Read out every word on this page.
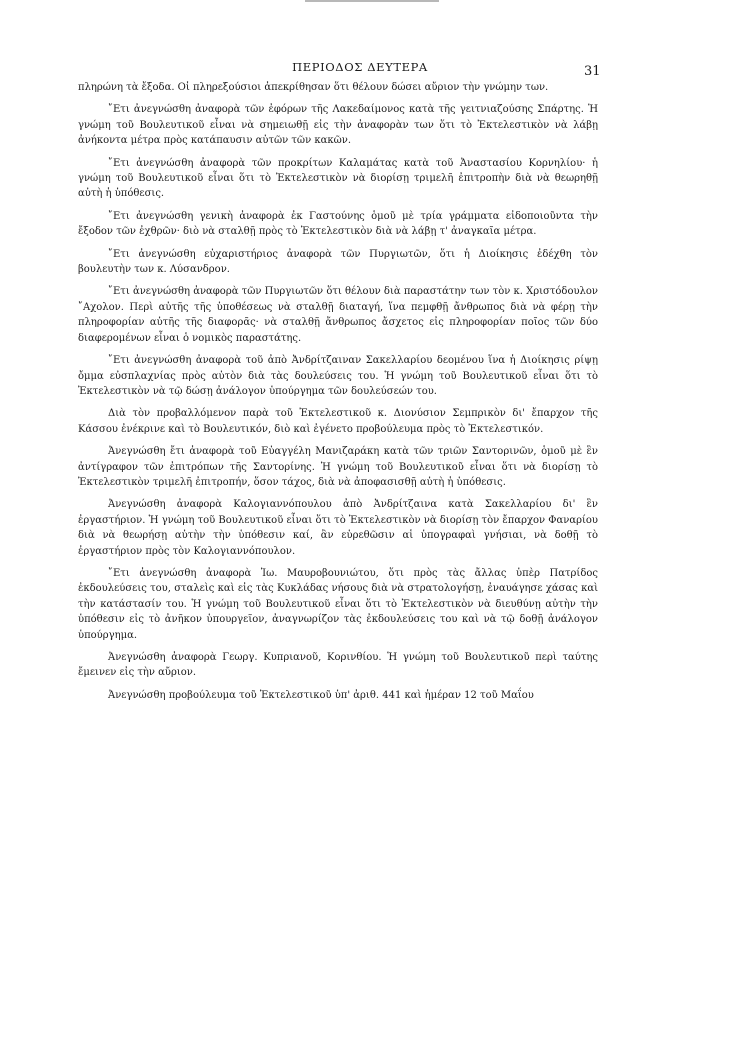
ΠΕΡΙΟΔΟΣ ΔΕΥΤΕΡΑ	31

πληρώνη τὰ ἔξοδα. Οἱ πληρεξούσιοι ἀπεκρίθησαν ὅτι θέλουν δώσει αὔριον τὴν γνώμην των.

῎Ετι ἀνεγνώσθη ἀναφορὰ τῶν ἐφόρων τῆς Λακεδαίμονος κατὰ τῆς γειτνιαζούσης Σπάρτης. Ἡ γνώμη τοῦ Βουλευτικοῦ εἶναι νὰ σημειωθῇ εἰς τὴν ἀναφορὰν των ὅτι τὸ Ἐκτελεστικὸν νὰ λάβῃ ἀνήκοντα μέτρα πρὸς κατάπαυσιν αὐτῶν τῶν κακῶν.

῎Ετι ἀνεγνώσθη ἀναφορὰ τῶν προκρίτων Καλαμάτας κατὰ τοῦ Ἀναστασίου Κορνηλίου· ἡ γνώμη τοῦ Βουλευτικοῦ εἶναι ὅτι τὸ Ἐκτελεστικὸν νὰ διορίσῃ τριμελῆ ἐπιτροπὴν διὰ νὰ θεωρηθῇ αὐτὴ ἡ ὑπόθεσις.

῎Ετι ἀνεγνώσθη γενικὴ ἀναφορὰ ἐκ Γαστούνης ὁμοῦ μὲ τρία γράμματα εἰδοποιοῦντα τὴν ἔξοδον τῶν ἐχθρῶν· διὸ νὰ σταλθῇ πρὸς τὸ Ἐκτελεστικὸν διὰ νὰ λάβῃ τ' ἀναγκαῖα μέτρα.

῎Ετι ἀνεγνώσθη εὐχαριστήριος ἀναφορὰ τῶν Πυργιωτῶν, ὅτι ἡ Διοίκησις ἐδέχθη τὸν βουλευτὴν των κ. Λύσανδρον.

῎Ετι ἀνεγνώσθη ἀναφορὰ τῶν Πυργιωτῶν ὅτι θέλουν διὰ παραστάτην των τὸν κ. Χριστόδουλον ῎Αχολον. Περὶ αὐτῆς τῆς ὑποθέσεως νὰ σταλθῇ διαταγή, ἵνα πεμφθῇ ἄνθρωπος διὰ νὰ φέρῃ τὴν πληροφορίαν αὐτῆς τῆς διαφορᾶς· νὰ σταλθῇ ἄνθρωπος ἄσχετος εἰς πληροφορίαν ποῖος τῶν δύο διαφερομένων εἶναι ὁ νομικὸς παραστάτης.

῎Ετι ἀνεγνώσθη ἀναφορὰ τοῦ ἀπὸ Ἀνδρίτζαιναν Σακελλαρίου δεομένου ἵνα ἡ Διοίκησις ρίψῃ ὄμμα εὐσπλαχνίας πρὸς αὐτὸν διὰ τὰς δουλεύσεις του. Ἡ γνώμη τοῦ Βουλευτικοῦ εἶναι ὅτι τὸ Ἐκτελεστικὸν νὰ τῷ δώσῃ ἀνάλογον ὑπούργημα τῶν δουλεύσεών του.

Διὰ τὸν προβαλλόμενον παρὰ τοῦ Ἐκτελεστικοῦ κ. Διονύσιον Σεμπρικὸν δι' ἔπαρχον τῆς Κάσσου ἐνέκρινε καὶ τὸ Βουλευτικόν, διὸ καὶ ἐγένετο προβούλευμα πρὸς τὸ Ἐκτελεστικόν.

Ἀνεγνώσθη ἔτι ἀναφορὰ τοῦ Εὐαγγέλη Μανιζαράκη κατὰ τῶν τριῶν Σαντορινῶν, ὁμοῦ μὲ ἓν ἀντίγραφον τῶν ἐπιτρόπων τῆς Σαντορίνης. Ἡ γνώμη τοῦ Βουλευτικοῦ εἶναι ὅτι νὰ διορίσῃ τὸ Ἐκτελεστικὸν τριμελῆ ἐπιτροπήν, ὅσον τάχος, διὰ νὰ ἀποφασισθῇ αὐτὴ ἡ ὑπόθεσις.

Ἀνεγνώσθη ἀναφορὰ Καλογιαννόπουλου ἀπὸ Ἀνδρίτζαινα κατὰ Σακελλαρίου δι' ἓν ἐργαστήριον. Ἡ γνώμη τοῦ Βουλευτικοῦ εἶναι ὅτι τὸ Ἐκτελεστικὸν νὰ διορίσῃ τὸν ἔπαρχον Φαναρίου διὰ νὰ θεωρήσῃ αὐτὴν τὴν ὑπόθεσιν καί, ἂν εὑρεθῶσιν αἱ ὑπογραφαὶ γνήσιαι, νὰ δοθῇ τὸ ἐργαστήριον πρὸς τὸν Καλογιαννόπουλον.

῎Ετι ἀνεγνώσθη ἀναφορὰ Ἰω. Μαυροβουνιώτου, ὅτι πρὸς τὰς ἄλλας ὑπὲρ Πατρίδος ἐκδουλεύσεις του, σταλεὶς καὶ εἰς τὰς Κυκλάδας νήσους διὰ νὰ στρατολογήσῃ, ἐναυάγησε χάσας καὶ τὴν κατάστασίν του. Ἡ γνώμη τοῦ Βουλευτικοῦ εἶναι ὅτι τὸ Ἐκτελεστικὸν νὰ διευθύνῃ αὐτὴν τὴν ὑπόθεσιν εἰς τὸ ἀνῆκον ὑπουργεῖον, ἀναγνωρίζον τὰς ἐκδουλεύσεις του καὶ νὰ τῷ δοθῇ ἀνάλογον ὑπούργημα.

Ἀνεγνώσθη ἀναφορὰ Γεωργ. Κυπριανοῦ, Κορινθίου. Ἡ γνώμη τοῦ Βουλευτικοῦ περὶ ταύτης ἔμεινεν εἰς τὴν αὔριον.

Ἀνεγνώσθη προβούλευμα τοῦ Ἐκτελεστικοῦ ὑπ' ἀριθ. 441 καὶ ἡμέραν 12 τοῦ Μαΐου
